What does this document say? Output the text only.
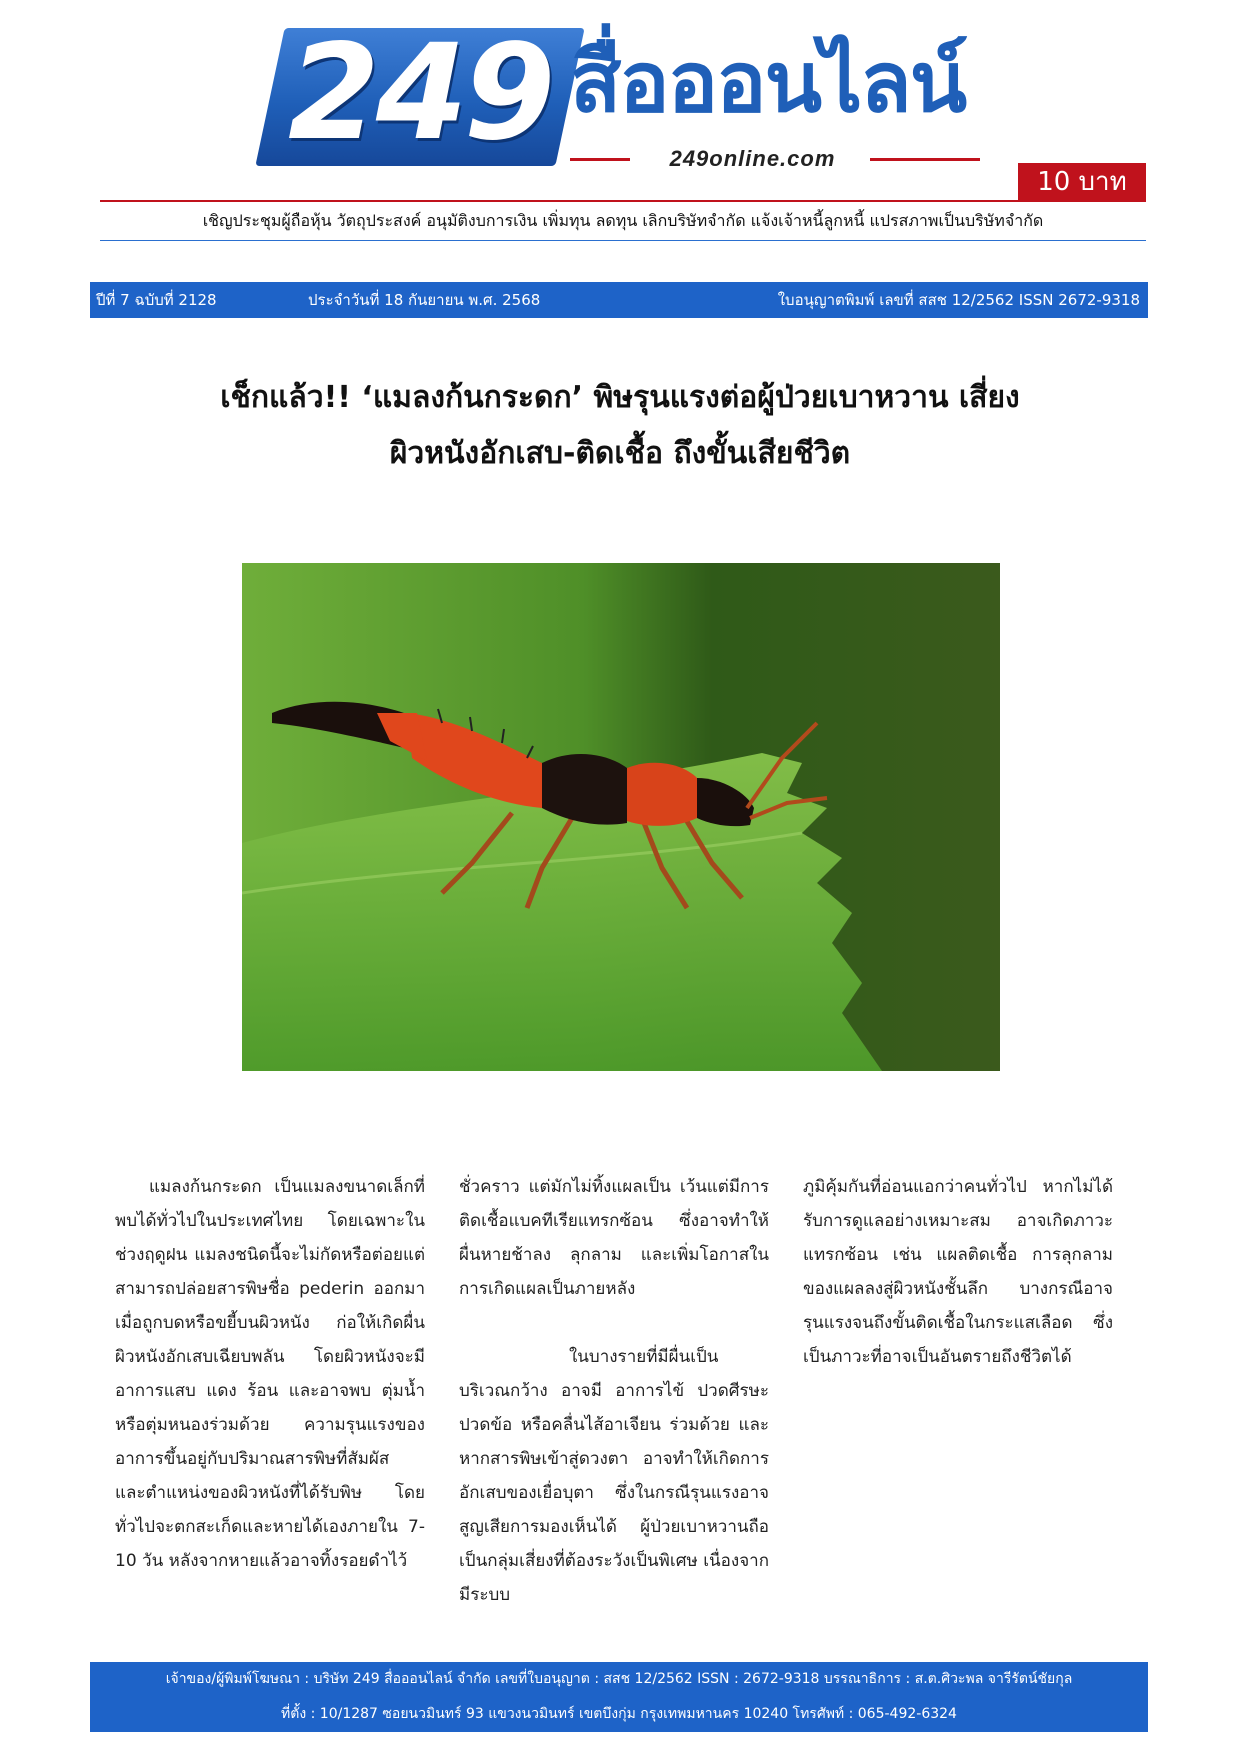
249 สื่อออนไลน์
249online.com
10 บาท
เชิญประชุมผู้ถือหุ้น วัตถุประสงค์ อนุมัติงบการเงิน เพิ่มทุน ลดทุน เลิกบริษัทจำกัด แจ้งเจ้าหนี้ลูกหนี้ แปรสภาพเป็นบริษัทจำกัด
ปีที่ 7 ฉบับที่ 2128	ประจำวันที่ 18 กันยายน พ.ศ. 2568	ใบอนุญาตพิมพ์ เลขที่ สสช 12/2562 ISSN 2672-9318
เช็กแล้ว!! ‘แมลงก้นกระดก’ พิษรุนแรงต่อผู้ป่วยเบาหวาน เสี่ยง
ผิวหนังอักเสบ-ติดเชื้อ ถึงขั้นเสียชีวิต

แมลงก้นกระดก เป็นแมลงขนาดเล็กที่พบได้ทั่วไปในประเทศไทย โดยเฉพาะในช่วงฤดูฝน แมลงชนิดนี้จะไม่กัดหรือต่อยแต่สามารถปล่อยสารพิษชื่อ pederin ออกมาเมื่อถูกบดหรือขยี้บนผิวหนัง ก่อให้เกิดผื่นผิวหนังอักเสบเฉียบพลัน โดยผิวหนังจะมีอาการแสบ แดง ร้อน และอาจพบ ตุ่มน้ำหรือตุ่มหนองร่วมด้วย ความรุนแรงของอาการขึ้นอยู่กับปริมาณสารพิษที่สัมผัส และตำแหน่งของผิวหนังที่ได้รับพิษ โดยทั่วไปจะตกสะเก็ดและหายได้เองภายใน 7-10 วัน หลังจากหายแล้วอาจทิ้งรอยดำไว้

ชั่วคราว แต่มักไม่ทิ้งแผลเป็น เว้นแต่มีการติดเชื้อแบคทีเรียแทรกซ้อน ซึ่งอาจทำให้ผื่นหายช้าลง ลุกลาม และเพิ่มโอกาสในการเกิดแผลเป็นภายหลัง

ในบางรายที่มีผื่นเป็นบริเวณกว้าง อาจมี อาการไข้ ปวดศีรษะ ปวดข้อ หรือคลื่นไส้อาเจียน ร่วมด้วย และหากสารพิษเข้าสู่ดวงตา อาจทำให้เกิดการอักเสบของเยื่อบุตา ซึ่งในกรณีรุนแรงอาจสูญเสียการมองเห็นได้ ผู้ป่วยเบาหวานถือเป็นกลุ่มเสี่ยงที่ต้องระวังเป็นพิเศษ เนื่องจากมีระบบ

ภูมิคุ้มกันที่อ่อนแอกว่าคนทั่วไป หากไม่ได้รับการดูแลอย่างเหมาะสม อาจเกิดภาวะแทรกซ้อน เช่น แผลติดเชื้อ การลุกลามของแผลลงสู่ผิวหนังชั้นลึก บางกรณีอาจรุนแรงจนถึงขั้นติดเชื้อในกระแสเลือด ซึ่งเป็นภาวะที่อาจเป็นอันตรายถึงชีวิตได้

เจ้าของ/ผู้พิมพ์โฆษณา : บริษัท 249 สื่อออนไลน์ จำกัด เลขที่ใบอนุญาต : สสช 12/2562 ISSN : 2672-9318 บรรณาธิการ : ส.ต.ศิวะพล จารีรัตน์ชัยกุล
ที่ตั้ง : 10/1287 ซอยนวมินทร์ 93 แขวงนวมินทร์ เขตบึงกุ่ม กรุงเทพมหานคร 10240 โทรศัพท์ : 065-492-6324
